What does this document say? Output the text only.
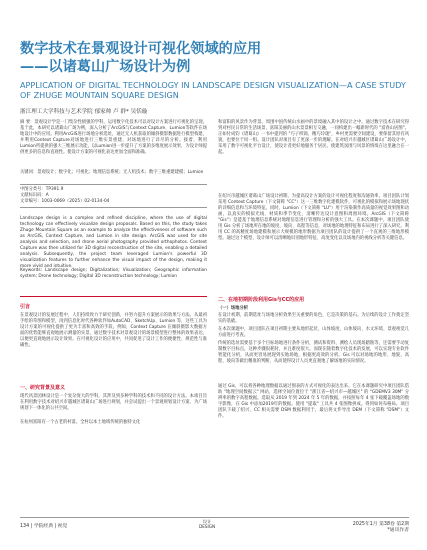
数字技术在景观设计可视化领域的应用
——以诸葛山广场设计为例
APPLICATION OF DIGITAL TECHNOLOGY IN LANDSCAPE DESIGN VISUALIZATION—A CASE STUDY OF ZHUGE MOUNTAIN SQUARE DESIGN
浙江理工大学科技与艺术学院 郁家帅 卢 群* 吴恬璇
摘 要：景观设计学是一门集杂性极强的学科，运用数字化技术可以对设计方案进行可视化的呈现。基于此，本研究以诸葛山广场为例，深入分析了ArcGIS与Context Capture、Lumion等软件在场地设计中的应用。利用ArcGIS进行场地分析选址，通过无人机获取的倾斜摄影数据进行模型构建，并利用Context Capture对场地进行三维实景重建，对场地进行了详尽的分析。接着，利用Lumion所提供的强大三维展示功能，以Lumion进一步提升了方案的多维度展示效果，为设计师提供更多的信息和直观性。使设计方案的可视化表达更加全面和准确。
关键词：景观设计；数字化；可视化；地理信息系统；无人机技术；数字三维重建建模；Lumion
中图分类号：TP391.9
文献标识码：A
文章编号：1003-0069（2025）02-0134-04
Landscape design is a complex and refined discipline, where the use of digital technology can effectively visualize design proposals. Based on this, the study takes Zhuge Mountain Square as an example to analyze the effectiveness of software such as ArcGIS, Context Capture, and Lumion in site design. ArcGIS was used for site analysis and selection, and drone aerial photography provided orthophotos. Context Capture was then utilized for 3D digital reconstruction of the site, enabling a detailed analysis. Subsequently, the project team leveraged Lumion's powerful 3D visualization features to further enhance the visual impact of the design, making it more vivid and intuitive.
Keywords: Landscape design; Digitalization; Visualization; Geographic information system; Drone technology; Digital 3D reconstruction technology; Lumion
引言
在景观设计的发展过程中，人们持续致力于研究创新，并努力提升方案展示的效果与方法。从最初手绘的草图和模型，再到信息化时代各种软件如AutoCAD、SketchUp、Lumion 等，这些工具为设计方案的可视化提供了更为丰富和高效的手段。例如，Context Capture 在倾斜摄影大数据方面的优势能够直观地展示测量的实景，通过数字技术对景观设计的场景模型进行整体的效果表达，以便更直观地展示设计效果。在可视化设计的应用中，共同促进了设计工作的便捷性、规范性与准确性。
一、研究背景及意义
现代风景园林设计是一个复杂庞大的学科，其涉及到多种学科的技术和不同的设计方法。本项目旨在利用数字技术对绍兴市越城区诸葛山广场进行规划，并尝试提出一个景观规划设计方案、为广场规划下一体化的公共空间。
在杭州富阳有一个古老的村落，全村以本土地域传统的独特文化
和富阳的风景作为背景。周围中国传统山水画中的景境融入其中的设计之中。通过数字技术在研究得到对村民日常的生活场景、富阳美丽的山水景景相互交融，一同构建出一幅新时代的 "富春山居图"。正如付成钧《诸葛山》一书中提到的 "巧子织锦，精巧玲珑"，乡村更需要空间建设，要保留其原有风貌，也要位于同一组。设计团队对项目有了更深一步的理解。在对绍兴市越城区诸葛山广场设计中，采用了数字可视化平台设计，使设计者更好地服务于居民，使建筑氛围与风景的情境在这里融合在一起。
在绍兴市越城区诸葛山广场设计初期，为提高设计方案的设计可视化程度和沟通效率，项目团队计划采用 Context Capture（下文简称 "CC"）这一三维数字化建模软件，可视化的模拟和展示场地现状的详细信息和与环境特征。同时，Lumion（下文简称 "LU"）用于渲染制作高质量的视觉效果图和动画，以真实的模拟光线、材质和季节变化，清晰传达设计意图和周围环境。ArcGIS（下文简称 "Gis"）是能基于地理信息系统对地理信息进行管理和分析的强大工具。在本次课题中，项目团队使用 Gis 分析了场地所在地的坡度、坡向、高程等信息，对场地的地理特征和布局进行了深入研究。利用 CC 的高精度场地建模和展示大规模的地形数据为项目团队的设计提供了一个直观的三维地形模型。通过这个模型，设计师可以清晰地识别地形特征、高度变化以及场地内的视线分析等关键信息。
二、在地初期阶段利用Gis与CC的应用
（一）场地分析
在设计初期，前期选址与场地分析效果至关重要的角色，它是决策的基石。为后续的设计工作奠定坚实的基础。
在本次课题中，项目团队在项目初期主要从地形起伏、山体坡度、山体坡向、水文环境、景观视觉几方面进行考查。
传统的选址需要基于多个目标场地进行条件分析，测试和资料、测绘人员现场踏勘等，还需要手动复制数字目标点，这种步骤很耗时，并且难度很大。而现在随着数字化技术的发展，可以实现专业软件智能化分析，从而更容易展现到实地场地，根据更高效的分析。Gis 可以对场地的地形、地貌、高程、坡向等做出精准的判断，从而使得设计人员更直观地了解场地的实际情况。
通过 Gis，可以将各种地理数据以通过图表的方式可视化的表达出来。它在本课题研究中项目团队借助 "地理空间数据云" 网站，选择空间位置位于 "浙江省—绍兴市—越城区" 的 "GDEMV3 30M" 分辨率的数字高程数据。选取从 2019 年到 2024 年 5 年的数据，并按照每年 4 张下载覆盖场地的数字影像，在 Gis 中添加2019年的数据。使用 "提取" 工具共 4 张图像拼成。得到如何布格局。项目团队下载了绍兴、CC 相关需要 DSM 数据利用于，最后将文件导出 DEM（下文简称 "DSM"）文件。
134 | 学院经典 | 视觉
设计
DESIGN	2025年1月 第38卷 第2期
*通讯作者
